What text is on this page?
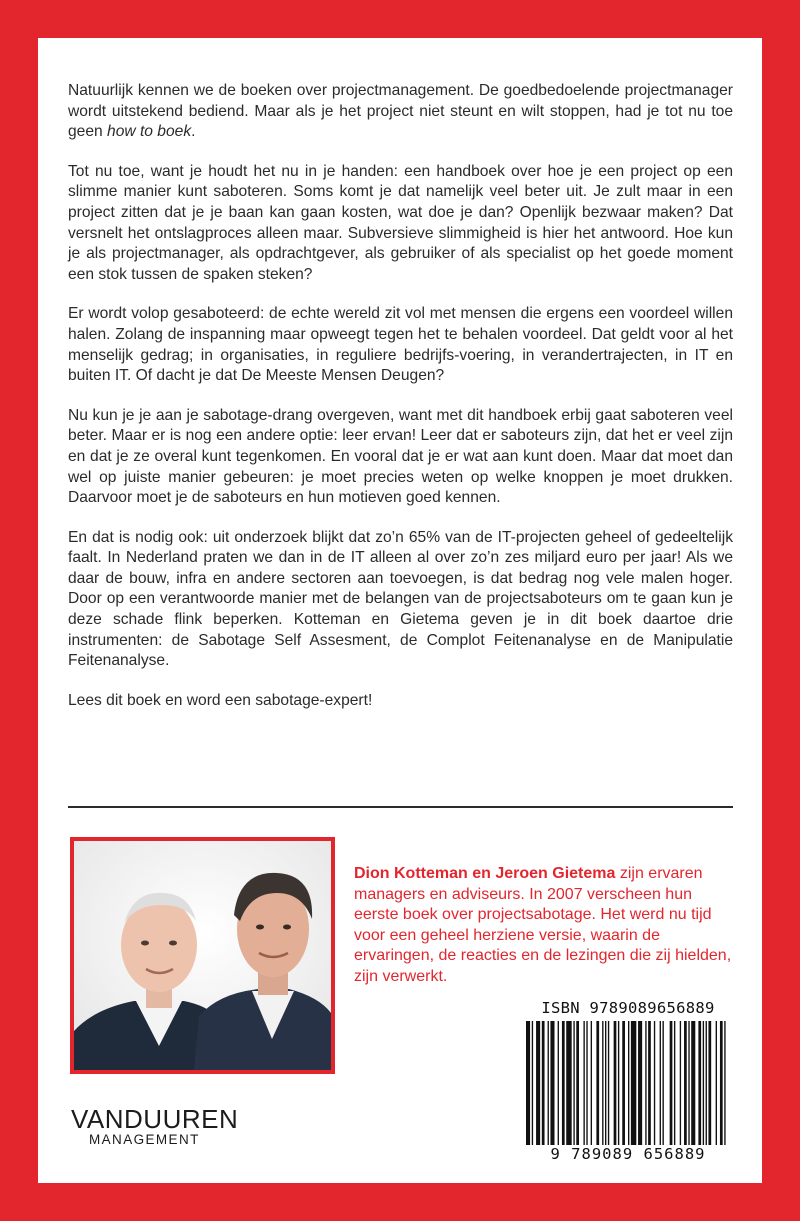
Natuurlijk kennen we de boeken over projectmanagement. De goedbedoelende projectmanager wordt uitstekend bediend. Maar als je het project niet steunt en wilt stoppen, had je tot nu toe geen how to boek.

Tot nu toe, want je houdt het nu in je handen: een handboek over hoe je een project op een slimme manier kunt saboteren. Soms komt je dat namelijk veel beter uit. Je zult maar in een project zitten dat je je baan kan gaan kosten, wat doe je dan? Openlijk bezwaar maken? Dat versnelt het ontslagproces alleen maar. Subversieve slimmigheid is hier het antwoord. Hoe kun je als projectmanager, als opdrachtgever, als gebruiker of als specialist op het goede moment een stok tussen de spaken steken?

Er wordt volop gesaboteerd: de echte wereld zit vol met mensen die ergens een voordeel willen halen. Zolang de inspanning maar opweegt tegen het te behalen voordeel. Dat geldt voor al het menselijk gedrag; in organisaties, in reguliere bedrijfs-voering, in verandertrajecten, in IT en buiten IT. Of dacht je dat De Meeste Mensen Deugen?

Nu kun je je aan je sabotage-drang overgeven, want met dit handboek erbij gaat saboteren veel beter. Maar er is nog een andere optie: leer ervan! Leer dat er saboteurs zijn, dat het er veel zijn en dat je ze overal kunt tegenkomen. En vooral dat je er wat aan kunt doen. Maar dat moet dan wel op juiste manier gebeuren: je moet precies weten op welke knoppen je moet drukken. Daarvoor moet je de saboteurs en hun motieven goed kennen.

En dat is nodig ook: uit onderzoek blijkt dat zo’n 65% van de IT-projecten geheel of gedeeltelijk faalt. In Nederland praten we dan in de IT alleen al over zo’n zes miljard euro per jaar! Als we daar de bouw, infra en andere sectoren aan toevoegen, is dat bedrag nog vele malen hoger. Door op een verantwoorde manier met de belangen van de projectsaboteurs om te gaan kun je deze schade flink beperken. Kotteman en Gietema geven je in dit boek daartoe drie instrumenten: de Sabotage Self Assesment, de Complot Feitenanalyse en de Manipulatie Feitenanalyse.

Lees dit boek en word een sabotage-expert!

Dion Kotteman en Jeroen Gietema zijn ervaren managers en adviseurs. In 2007 verscheen hun eerste boek over projectsabotage. Het werd nu tijd voor een geheel herziene versie, waarin de ervaringen, de reacties en de lezingen die zij hielden, zijn verwerkt.
ISBN 9789089656889
9 789089 656889
VANDUUREN
MANAGEMENT
